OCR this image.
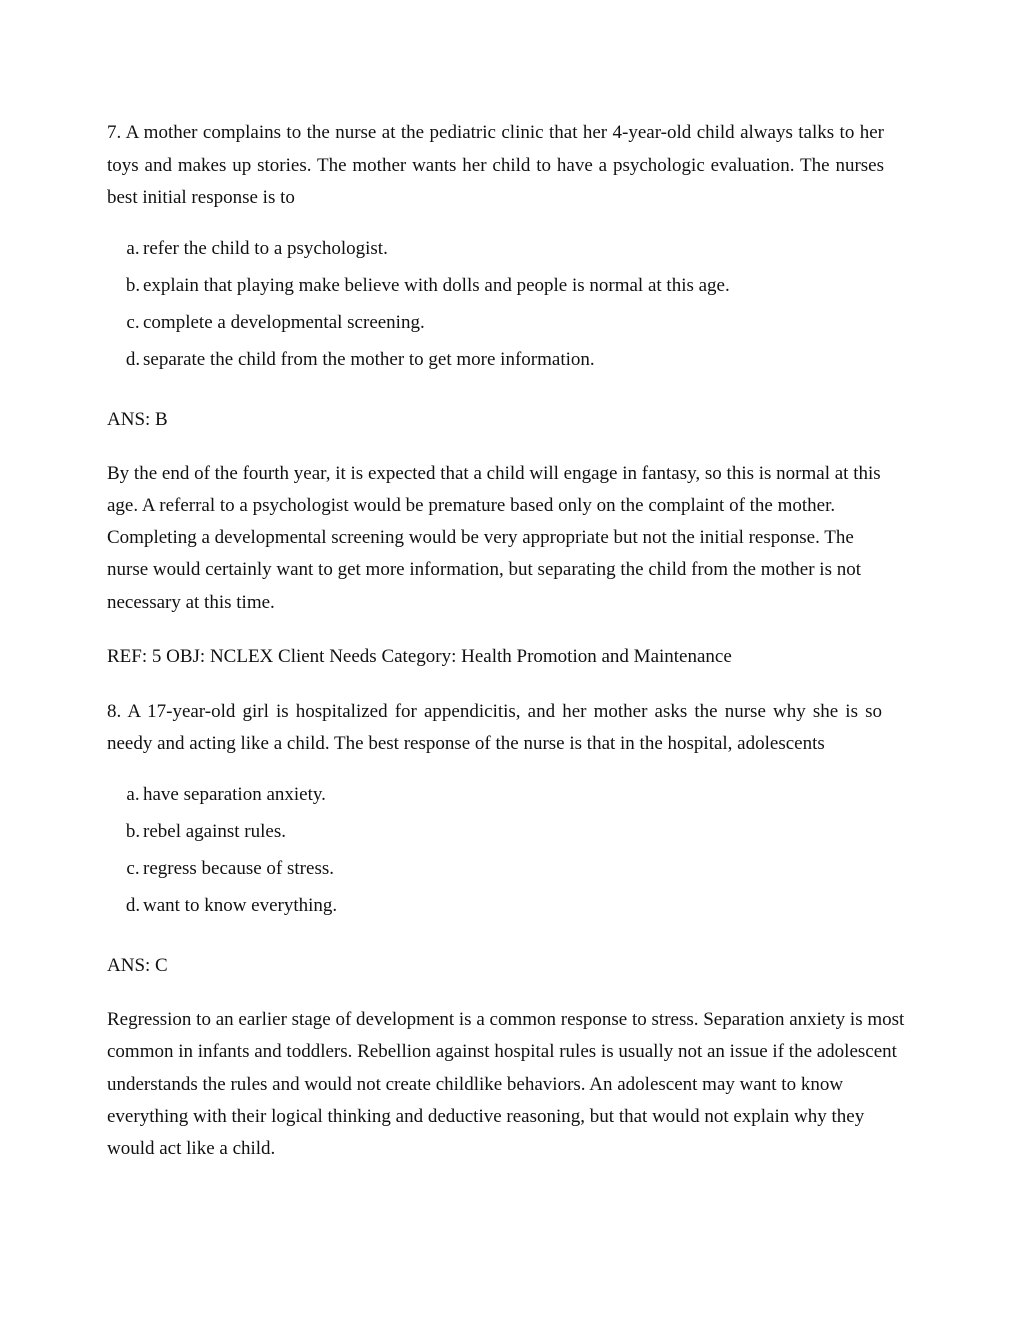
7. A mother complains to the nurse at the pediatric clinic that her 4-year-old child always talks to her toys and makes up stories. The mother wants her child to have a psychologic evaluation. The nurses best initial response is to

a. refer the child to a psychologist.
b. explain that playing make believe with dolls and people is normal at this age.
c. complete a developmental screening.
d. separate the child from the mother to get more information.

ANS: B

By the end of the fourth year, it is expected that a child will engage in fantasy, so this is normal at this age. A referral to a psychologist would be premature based only on the complaint of the mother. Completing a developmental screening would be very appropriate but not the initial response. The nurse would certainly want to get more information, but separating the child from the mother is not necessary at this time.

REF: 5 OBJ: NCLEX Client Needs Category: Health Promotion and Maintenance

8. A 17-year-old girl is hospitalized for appendicitis, and her mother asks the nurse why she is so needy and acting like a child. The best response of the nurse is that in the hospital, adolescents

a. have separation anxiety.
b. rebel against rules.
c. regress because of stress.
d. want to know everything.

ANS: C

Regression to an earlier stage of development is a common response to stress. Separation anxiety is most common in infants and toddlers. Rebellion against hospital rules is usually not an issue if the adolescent understands the rules and would not create childlike behaviors. An adolescent may want to know everything with their logical thinking and deductive reasoning, but that would not explain why they would act like a child.
